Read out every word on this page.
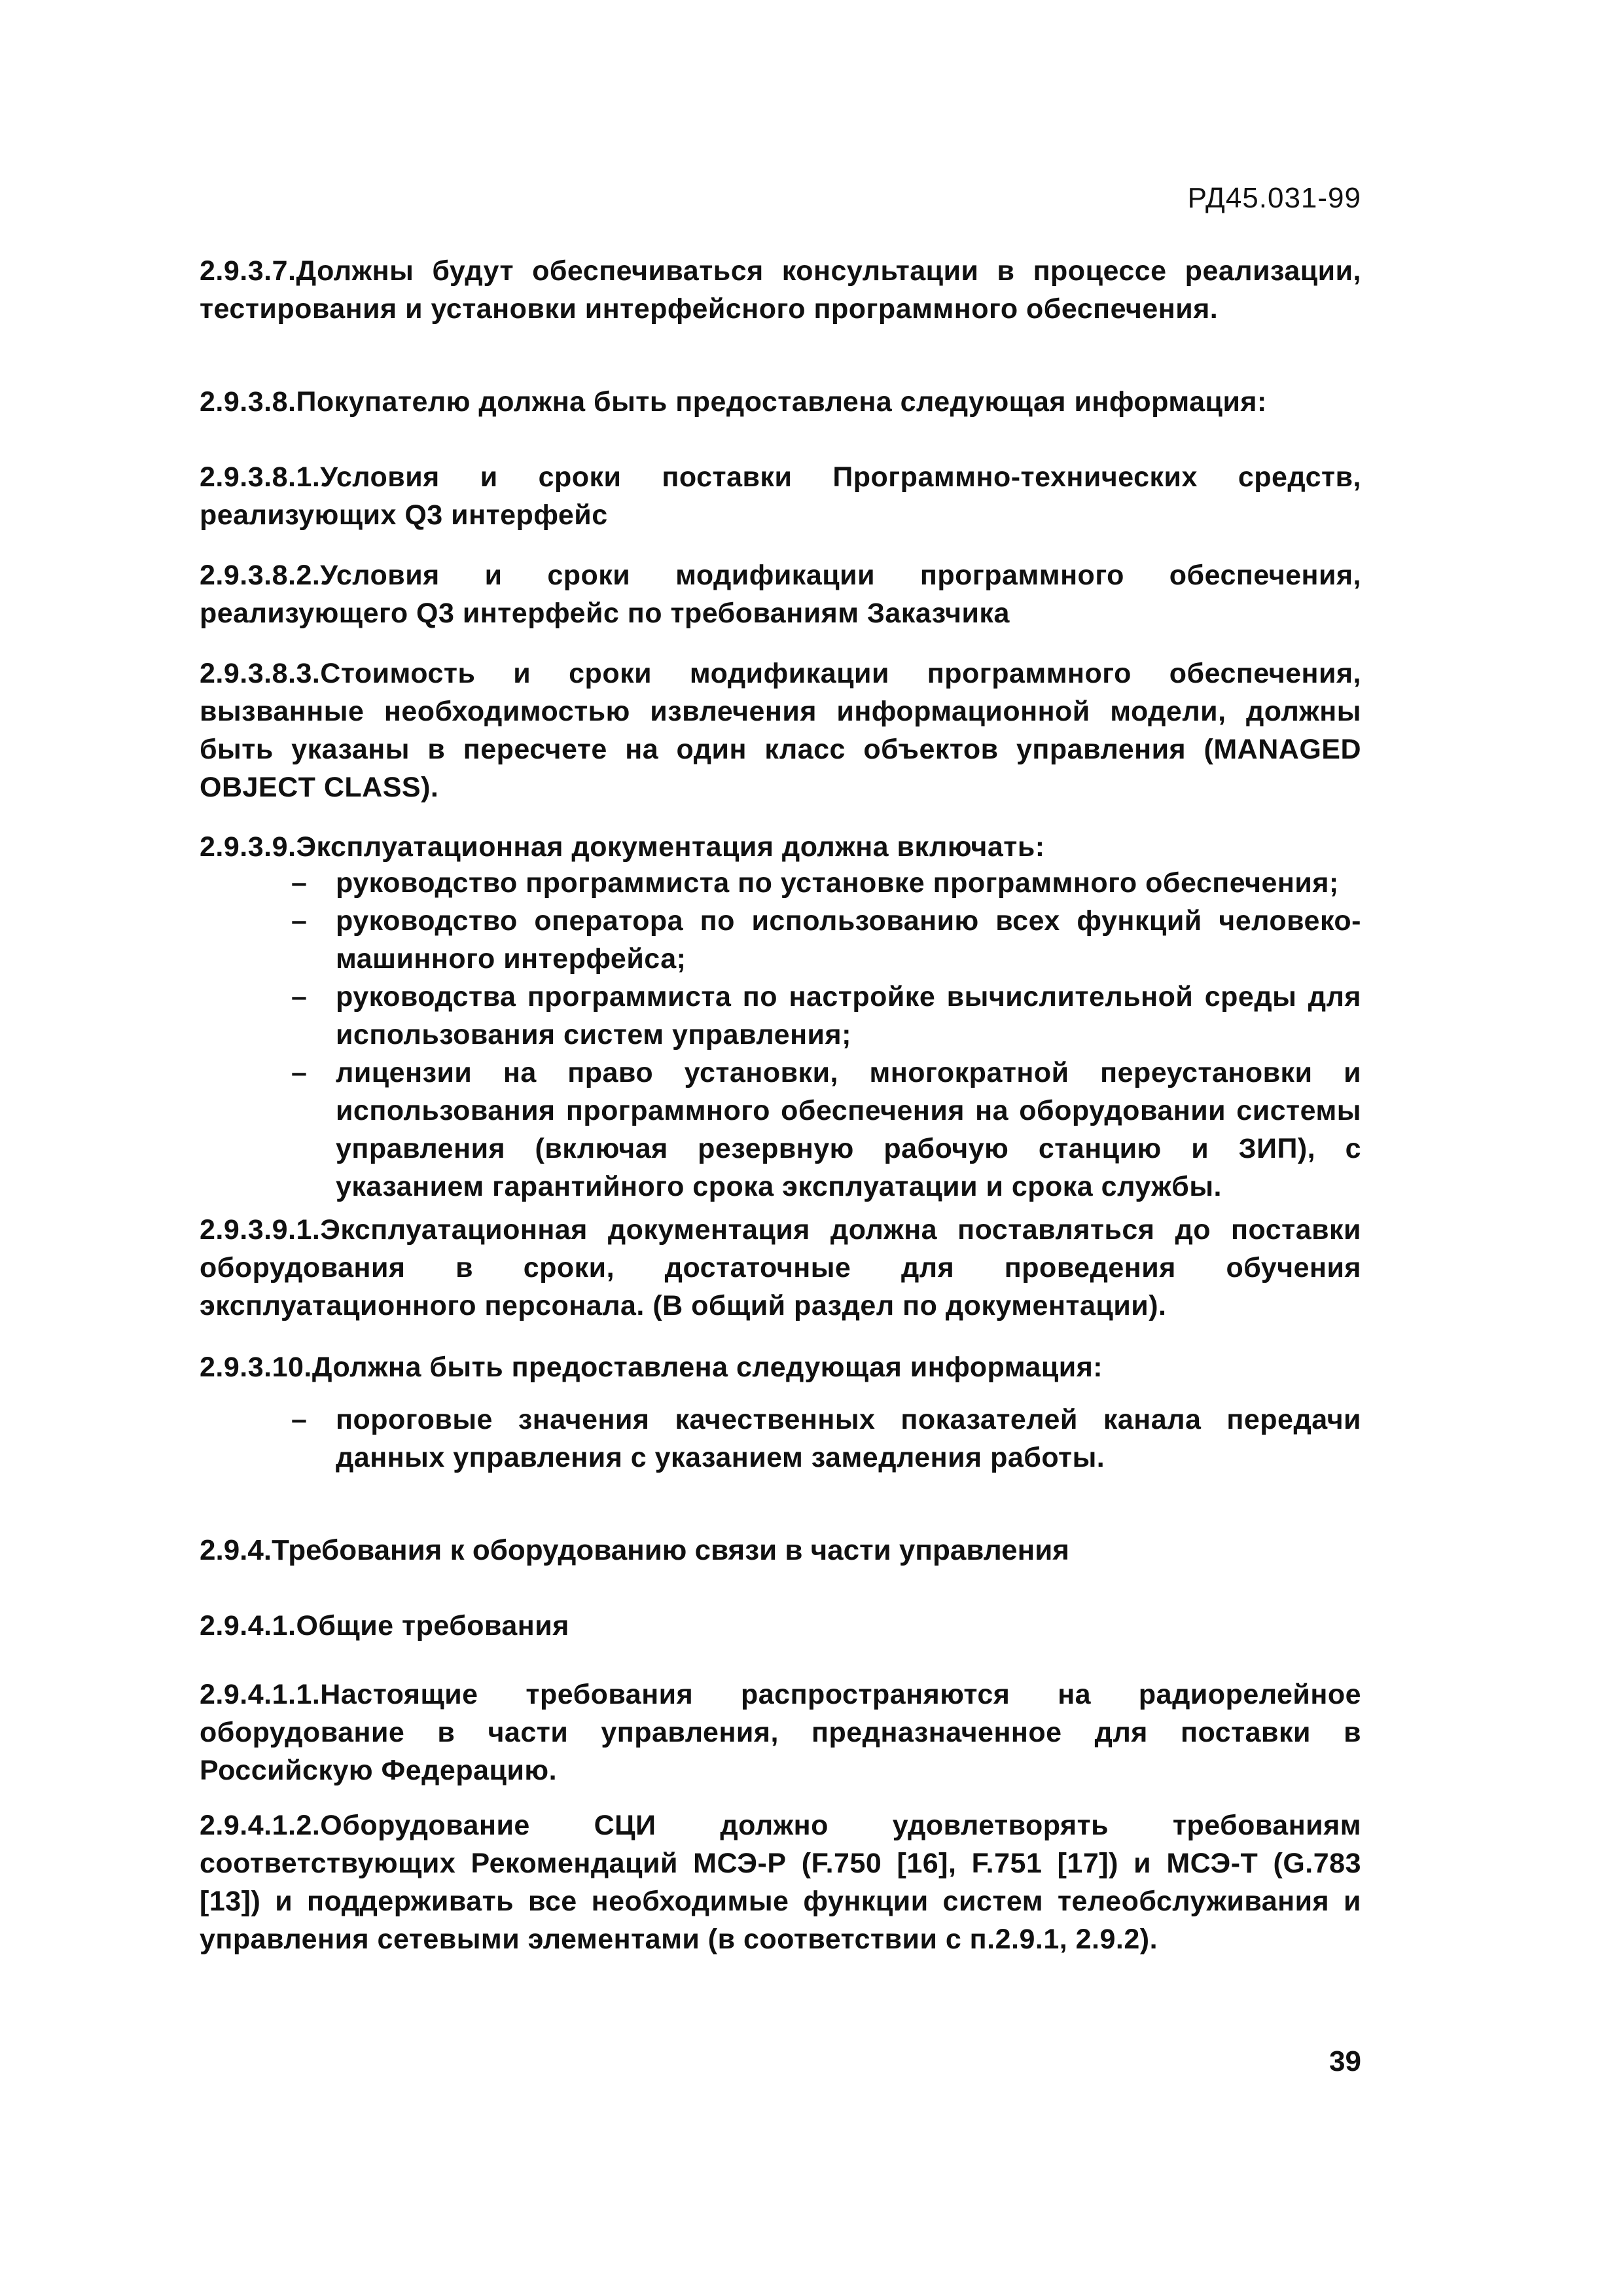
РД45.031-99
2.9.3.7.Должны будут обеспечиваться консультации в процессе реализации, тестирования и установки интерфейсного программного обеспечения.
2.9.3.8.Покупателю должна быть предоставлена следующая информация:
2.9.3.8.1.Условия и сроки поставки Программно-технических средств, реализующих Q3 интерфейс
2.9.3.8.2.Условия и сроки модификации программного обеспечения, реализующего Q3 интерфейс по требованиям Заказчика
2.9.3.8.3.Стоимость и сроки модификации программного обеспечения, вызванные необходимостью извлечения информационной модели, должны быть указаны в пересчете на один класс объектов управления (MANAGED OBJECT CLASS).
2.9.3.9.Эксплуатационная документация должна включать:
– руководство программиста по установке программного обеспечения;
– руководство оператора по использованию всех функций человеко-машинного интерфейса;
– руководства программиста по настройке вычислительной среды для использования систем управления;
– лицензии на право установки, многократной переустановки и использования программного обеспечения на оборудовании системы управления (включая резервную рабочую станцию и ЗИП), с указанием гарантийного срока эксплуатации и срока службы.
2.9.3.9.1.Эксплуатационная документация должна поставляться до поставки оборудования в сроки, достаточные для проведения обучения эксплуатационного персонала. (В общий раздел по документации).
2.9.3.10.Должна быть предоставлена следующая информация:
– пороговые значения качественных показателей канала передачи данных управления с указанием замедления работы.
2.9.4.Требования к оборудованию связи в части управления
2.9.4.1.Общие требования
2.9.4.1.1.Настоящие требования распространяются на радиорелейное оборудование в части управления, предназначенное для поставки в Российскую Федерацию.
2.9.4.1.2.Оборудование СЦИ должно удовлетворять требованиям соответствующих Рекомендаций МСЭ-Р (F.750 [16], F.751 [17]) и МСЭ-Т (G.783 [13]) и поддерживать все необходимые функции систем телеобслуживания и управления сетевыми элементами (в соответствии с п.2.9.1, 2.9.2).
39
